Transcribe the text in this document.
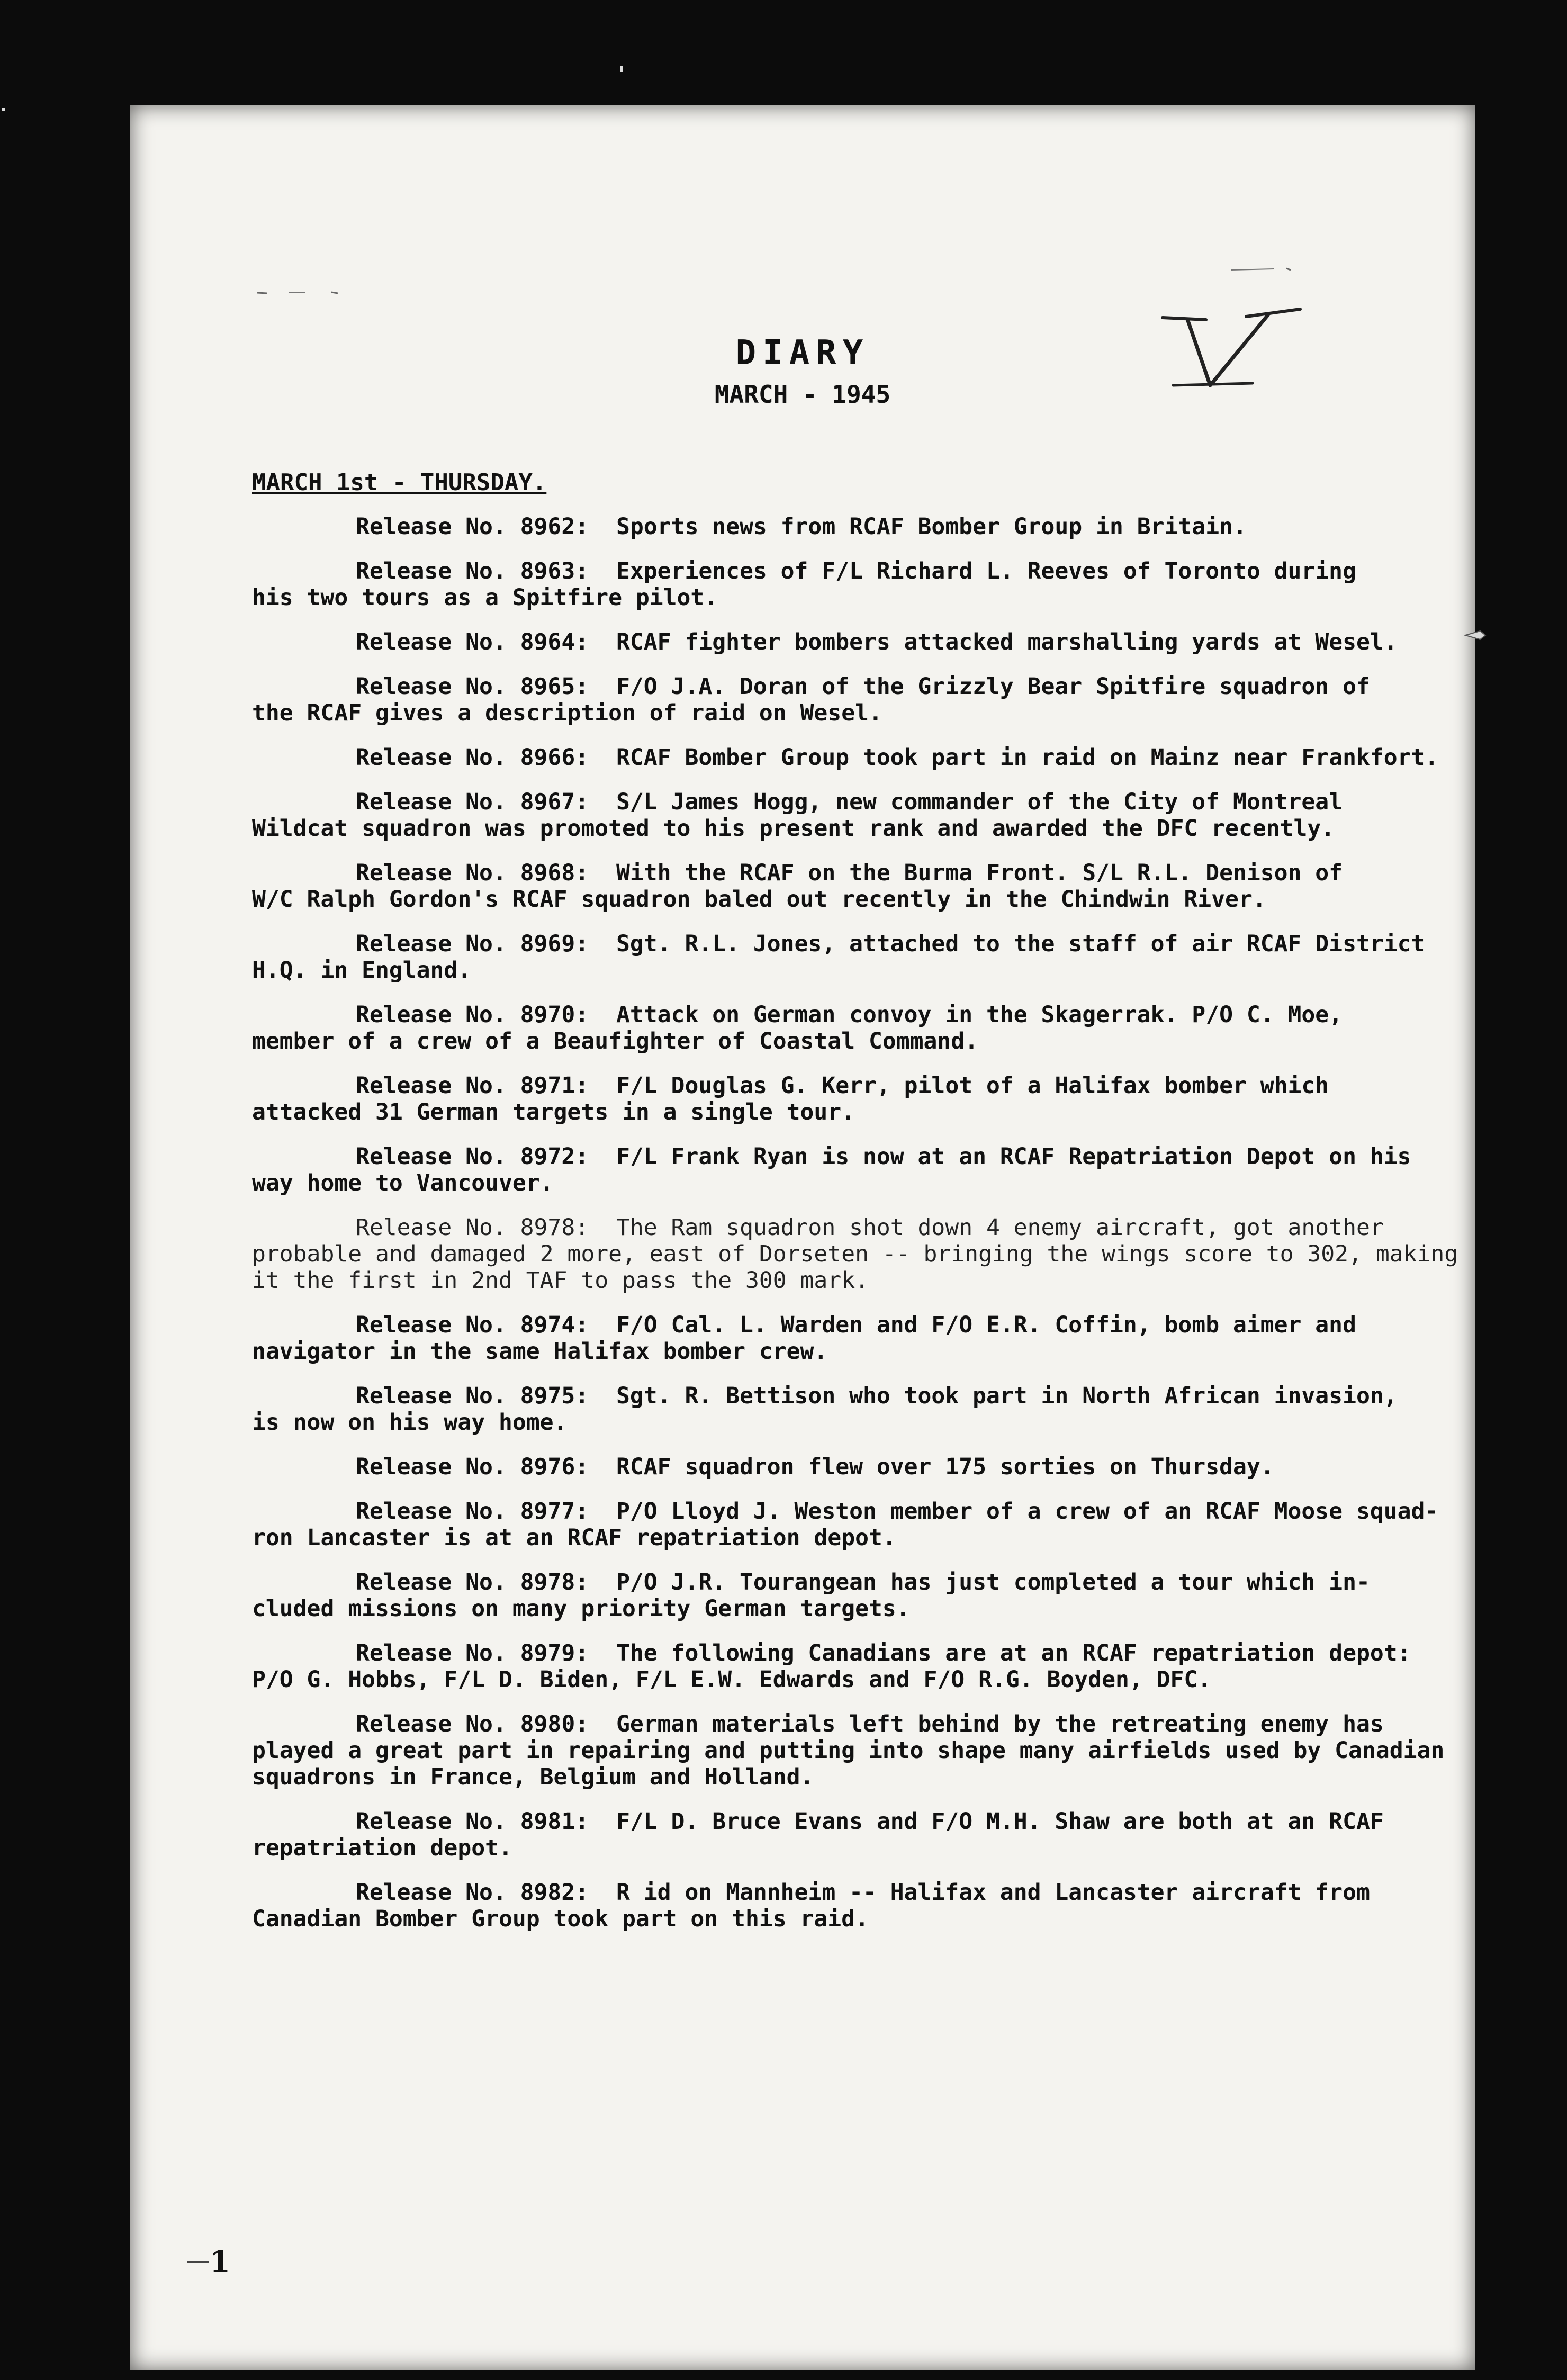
DIARY
MARCH - 1945
MARCH 1st - THURSDAY.
Release No. 8962: Sports news from RCAF Bomber Group in Britain.
Release No. 8963: Experiences of F/L Richard L. Reeves of Toronto during
his two tours as a Spitfire pilot.
Release No. 8964: RCAF fighter bombers attacked marshalling yards at Wesel.
Release No. 8965: F/O J.A. Doran of the Grizzly Bear Spitfire squadron of
the RCAF gives a description of raid on Wesel.
Release No. 8966: RCAF Bomber Group took part in raid on Mainz near Frankfort.
Release No. 8967: S/L James Hogg, new commander of the City of Montreal
Wildcat squadron was promoted to his present rank and awarded the DFC recently.
Release No. 8968: With the RCAF on the Burma Front. S/L R.L. Denison of
W/C Ralph Gordon's RCAF squadron baled out recently in the Chindwin River.
Release No. 8969: Sgt. R.L. Jones, attached to the staff of air RCAF District
H.Q. in England.
Release No. 8970: Attack on German convoy in the Skagerrak. P/O C. Moe,
member of a crew of a Beaufighter of Coastal Command.
Release No. 8971: F/L Douglas G. Kerr, pilot of a Halifax bomber which
attacked 31 German targets in a single tour.
Release No. 8972: F/L Frank Ryan is now at an RCAF Repatriation Depot on his
way home to Vancouver.
Release No. 8978: The Ram squadron shot down 4 enemy aircraft, got another
probable and damaged 2 more, east of Dorseten -- bringing the wings score to 302, making
it the first in 2nd TAF to pass the 300 mark.
Release No. 8974: F/O Cal. L. Warden and F/O E.R. Coffin, bomb aimer and
navigator in the same Halifax bomber crew.
Release No. 8975: Sgt. R. Bettison who took part in North African invasion,
is now on his way home.
Release No. 8976: RCAF squadron flew over 175 sorties on Thursday.
Release No. 8977: P/O Lloyd J. Weston member of a crew of an RCAF Moose squad-
ron Lancaster is at an RCAF repatriation depot.
Release No. 8978: P/O J.R. Tourangean has just completed a tour which in-
cluded missions on many priority German targets.
Release No. 8979: The following Canadians are at an RCAF repatriation depot:
P/O G. Hobbs, F/L D. Biden, F/L E.W. Edwards and F/O R.G. Boyden, DFC.
Release No. 8980: German materials left behind by the retreating enemy has
played a great part in repairing and putting into shape many airfields used by Canadian
squadrons in France, Belgium and Holland.
Release No. 8981: F/L D. Bruce Evans and F/O M.H. Shaw are both at an RCAF
repatriation depot.
Release No. 8982: R id on Mannheim -- Halifax and Lancaster aircraft from
Canadian Bomber Group took part on this raid.
1
